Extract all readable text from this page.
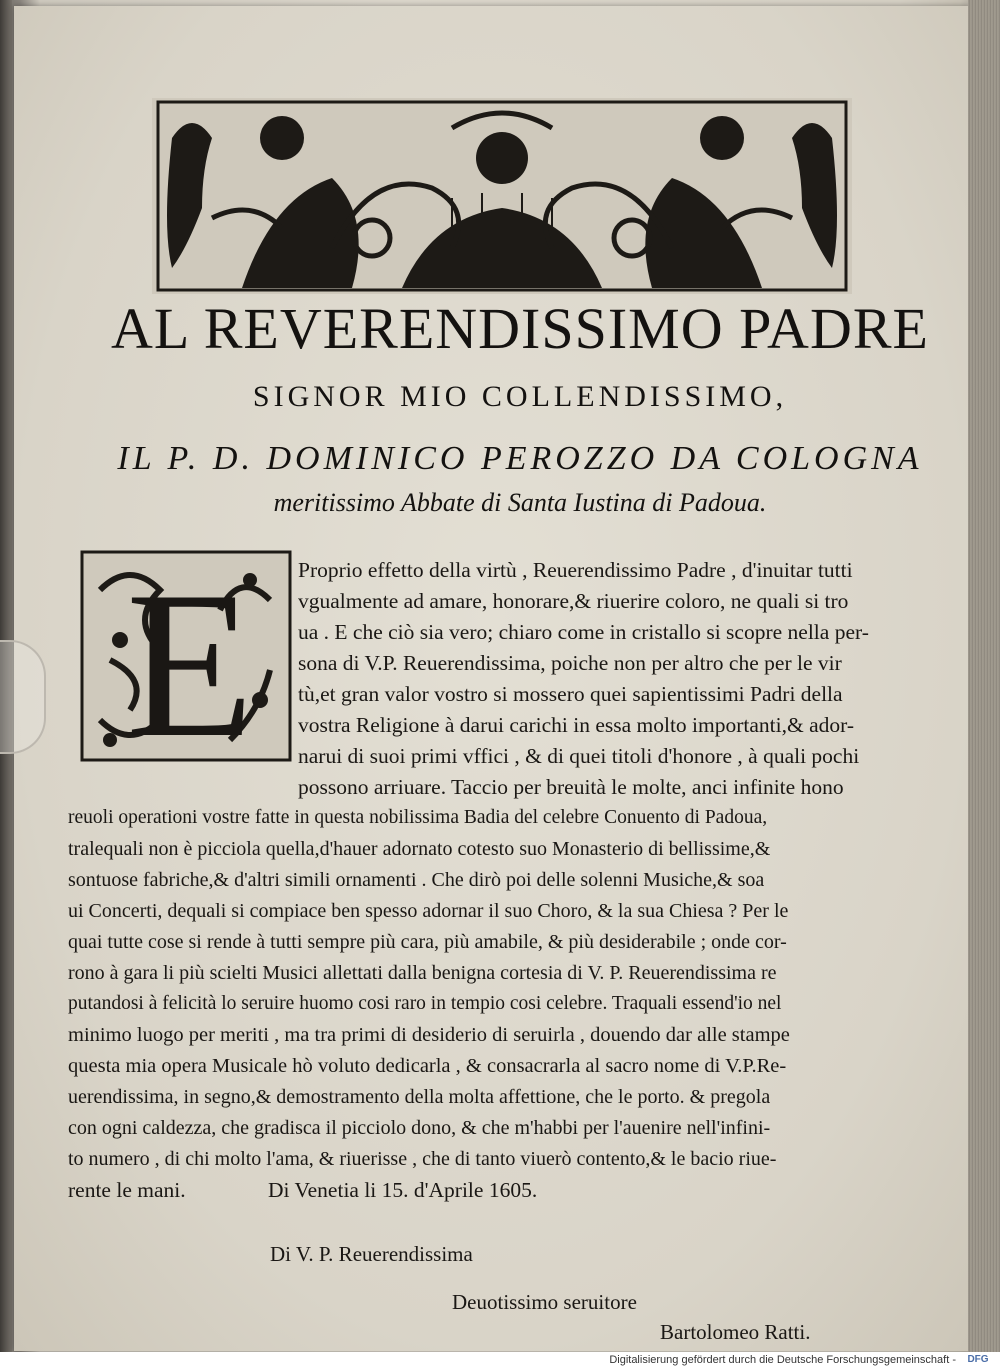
AL REVERENDISSIMO PADRE
SIGNOR MIO COLLENDISSIMO,
IL P. D. DOMINICO PEROZZO DA COLOGNA
meritissimo Abbate di Santa Iustina di Padoua.
E Proprio effetto della virtù , Reuerendissimo Padre , d'inuitar tutti
vgualmente ad amare, honorare,& riuerire coloro, ne quali si tro
ua . E che ciò sia vero; chiaro come in cristallo si scopre nella per-
sona di V.P. Reuerendissima, poiche non per altro che per le vir
tù,et gran valor vostro si mossero quei sapientissimi Padri della
vostra Religione à darui carichi in essa molto importanti,& ador-
narui di suoi primi vffici , & di quei titoli d'honore , à quali pochi
possono arriuare. Taccio per breuità le molte, anci infinite hono
reuoli operationi vostre fatte in questa nobilissima Badia del celebre Conuento di Padoua,
tralequali non è picciola quella,d'hauer adornato cotesto suo Monasterio di bellissime,&
sontuose fabriche,& d'altri simili ornamenti . Che dirò poi delle solenni Musiche,& soa
ui Concerti, dequali si compiace ben spesso adornar il suo Choro, & la sua Chiesa ? Per le
quai tutte cose si rende à tutti sempre più cara, più amabile, & più desiderabile ; onde cor-
rono à gara li più scielti Musici allettati dalla benigna cortesia di V. P. Reuerendissima re
putandosi à felicità lo seruire huomo cosi raro in tempio cosi celebre. Traquali essend'io nel
minimo luogo per meriti , ma tra primi di desiderio di seruirla , douendo dar alle stampe
questa mia opera Musicale hò voluto dedicarla , & consacrarla al sacro nome di V.P.Re-
uerendissima, in segno,& demostramento della molta affettione, che le porto. & pregola
con ogni caldezza, che gradisca il picciolo dono, & che m'habbi per l'auenire nell'infini-
to numero , di chi molto l'ama, & riuerisse , che di tanto viuerò contento,& le bacio riue-
rente le mani.	Di Venetia li 15. d'Aprile 1605.
Di V. P. Reuerendissima
Deuotissimo seruitore
Bartolomeo Ratti.
Digitalisierung gefördert durch die Deutsche Forschungsgemeinschaft -	DFG
